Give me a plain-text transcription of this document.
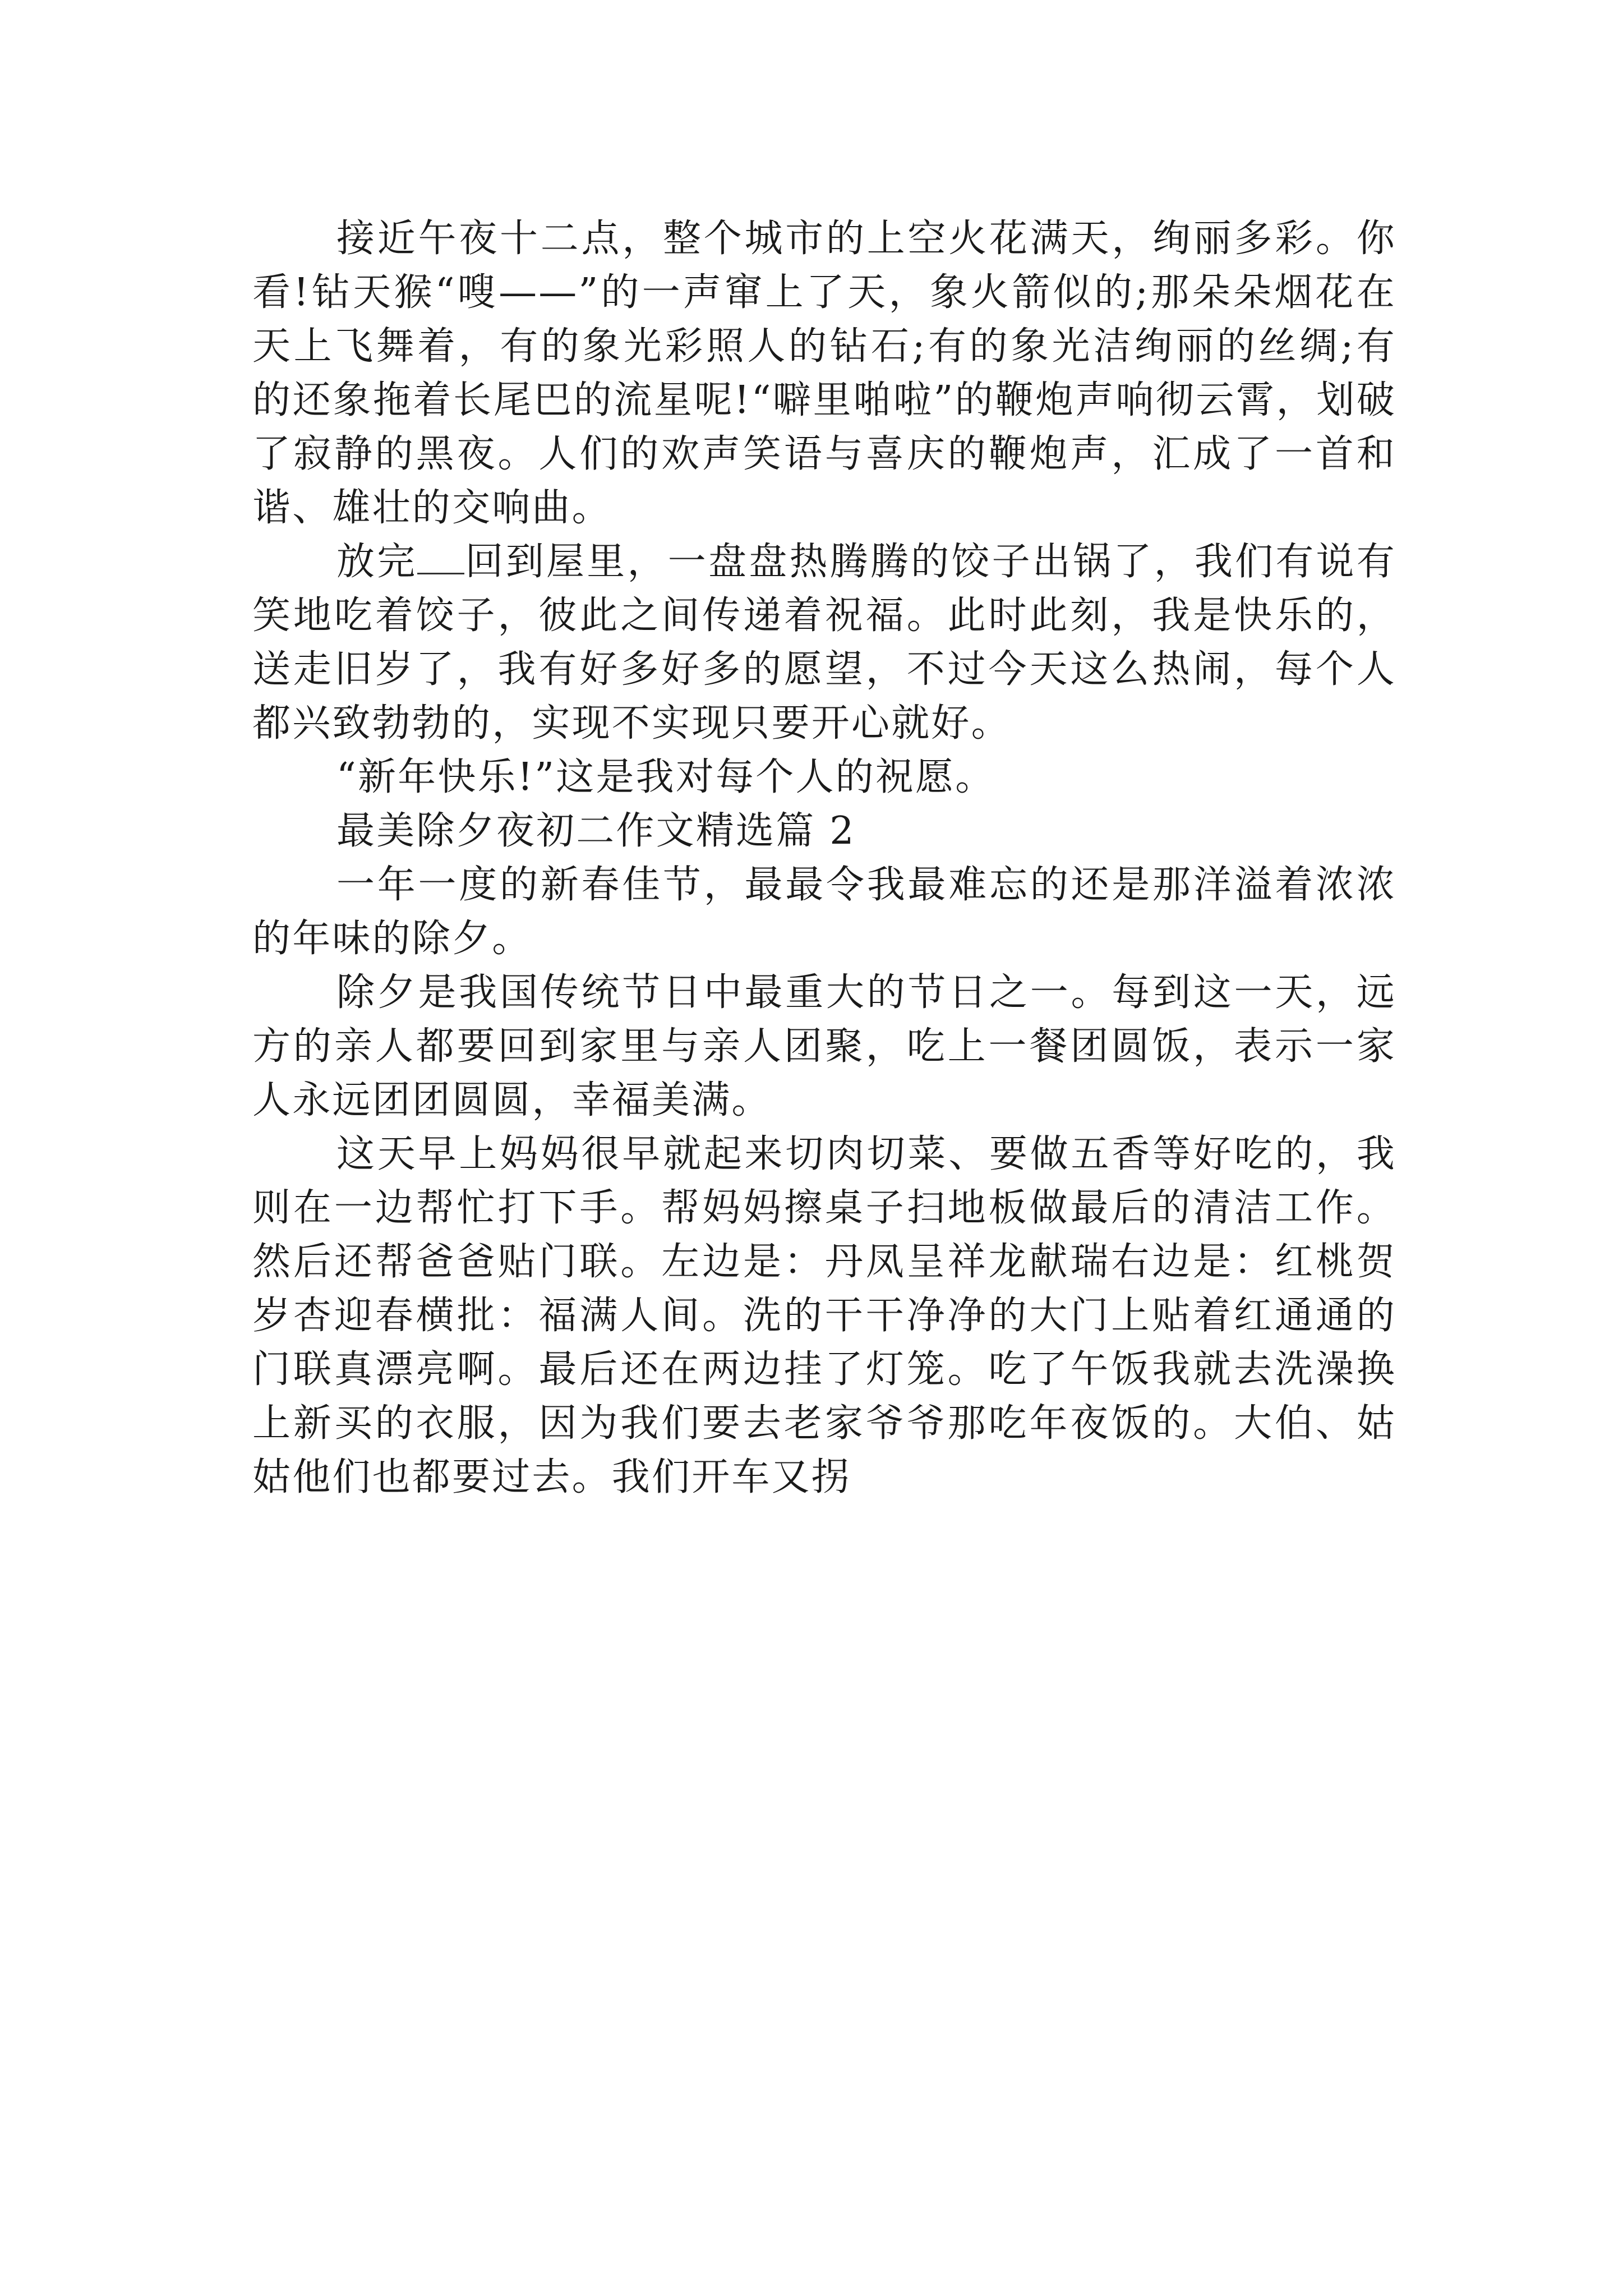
接近午夜十二点，整个城市的上空火花满天，绚丽多彩。你看!钻天猴“嗖——”的一声窜上了天，象火箭似的;那朵朵烟花在天上飞舞着，有的象光彩照人的钻石;有的象光洁绚丽的丝绸;有的还象拖着长尾巴的流星呢!“噼里啪啦”的鞭炮声响彻云霄，划破了寂静的黑夜。人们的欢声笑语与喜庆的鞭炮声，汇成了一首和谐、雄壮的交响曲。

放完 回到屋里，一盘盘热腾腾的饺子出锅了，我们有说有笑地吃着饺子，彼此之间传递着祝福。此时此刻，我是快乐的，送走旧岁了，我有好多好多的愿望，不过今天这么热闹，每个人都兴致勃勃的，实现不实现只要开心就好。

“新年快乐!”这是我对每个人的祝愿。

最美除夕夜初二作文精选篇 2

一年一度的新春佳节，最最令我最难忘的还是那洋溢着浓浓的年味的除夕。

除夕是我国传统节日中最重大的节日之一。每到这一天，远方的亲人都要回到家里与亲人团聚，吃上一餐团圆饭，表示一家人永远团团圆圆，幸福美满。

这天早上妈妈很早就起来切肉切菜、要做五香等好吃的，我则在一边帮忙打下手。帮妈妈擦桌子扫地板做最后的清洁工作。然后还帮爸爸贴门联。左边是：丹凤呈祥龙献瑞右边是：红桃贺岁杏迎春横批：福满人间。洗的干干净净的大门上贴着红通通的门联真漂亮啊。最后还在两边挂了灯笼。吃了午饭我就去洗澡换上新买的衣服，因为我们要去老家爷爷那吃年夜饭的。大伯、姑姑他们也都要过去。我们开车又拐
